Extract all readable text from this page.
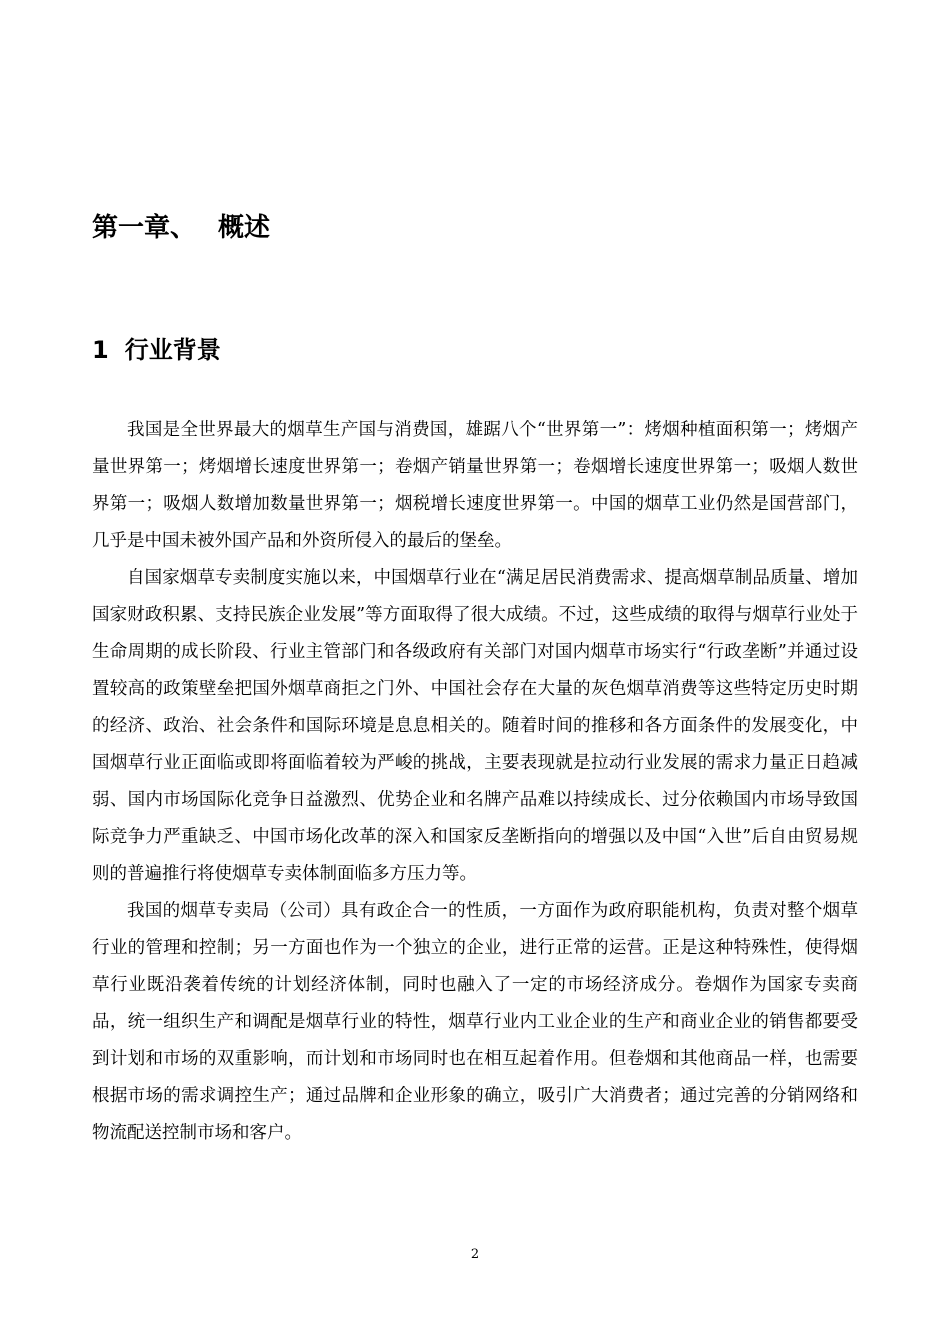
第一章、 概述
1 行业背景

我国是全世界最大的烟草生产国与消费国，雄踞八个“世界第一”：烤烟种植面积第一；烤烟产量世界第一；烤烟增长速度世界第一；卷烟产销量世界第一；卷烟增长速度世界第一；吸烟人数世界第一；吸烟人数增加数量世界第一；烟税增长速度世界第一。中国的烟草工业仍然是国营部门，几乎是中国未被外国产品和外资所侵入的最后的堡垒。

自国家烟草专卖制度实施以来，中国烟草行业在“满足居民消费需求、提高烟草制品质量、增加国家财政积累、支持民族企业发展”等方面取得了很大成绩。不过，这些成绩的取得与烟草行业处于生命周期的成长阶段、行业主管部门和各级政府有关部门对国内烟草市场实行“行政垄断”并通过设置较高的政策壁垒把国外烟草商拒之门外、中国社会存在大量的灰色烟草消费等这些特定历史时期的经济、政治、社会条件和国际环境是息息相关的。随着时间的推移和各方面条件的发展变化，中国烟草行业正面临或即将面临着较为严峻的挑战，主要表现就是拉动行业发展的需求力量正日趋减弱、国内市场国际化竞争日益激烈、优势企业和名牌产品难以持续成长、过分依赖国内市场导致国际竞争力严重缺乏、中国市场化改革的深入和国家反垄断指向的增强以及中国“入世”后自由贸易规则的普遍推行将使烟草专卖体制面临多方压力等。

我国的烟草专卖局（公司）具有政企合一的性质，一方面作为政府职能机构，负责对整个烟草行业的管理和控制；另一方面也作为一个独立的企业，进行正常的运营。正是这种特殊性，使得烟草行业既沿袭着传统的计划经济体制，同时也融入了一定的市场经济成分。卷烟作为国家专卖商品，统一组织生产和调配是烟草行业的特性，烟草行业内工业企业的生产和商业企业的销售都要受到计划和市场的双重影响，而计划和市场同时也在相互起着作用。但卷烟和其他商品一样，也需要根据市场的需求调控生产；通过品牌和企业形象的确立，吸引广大消费者；通过完善的分销网络和物流配送控制市场和客户。

2
